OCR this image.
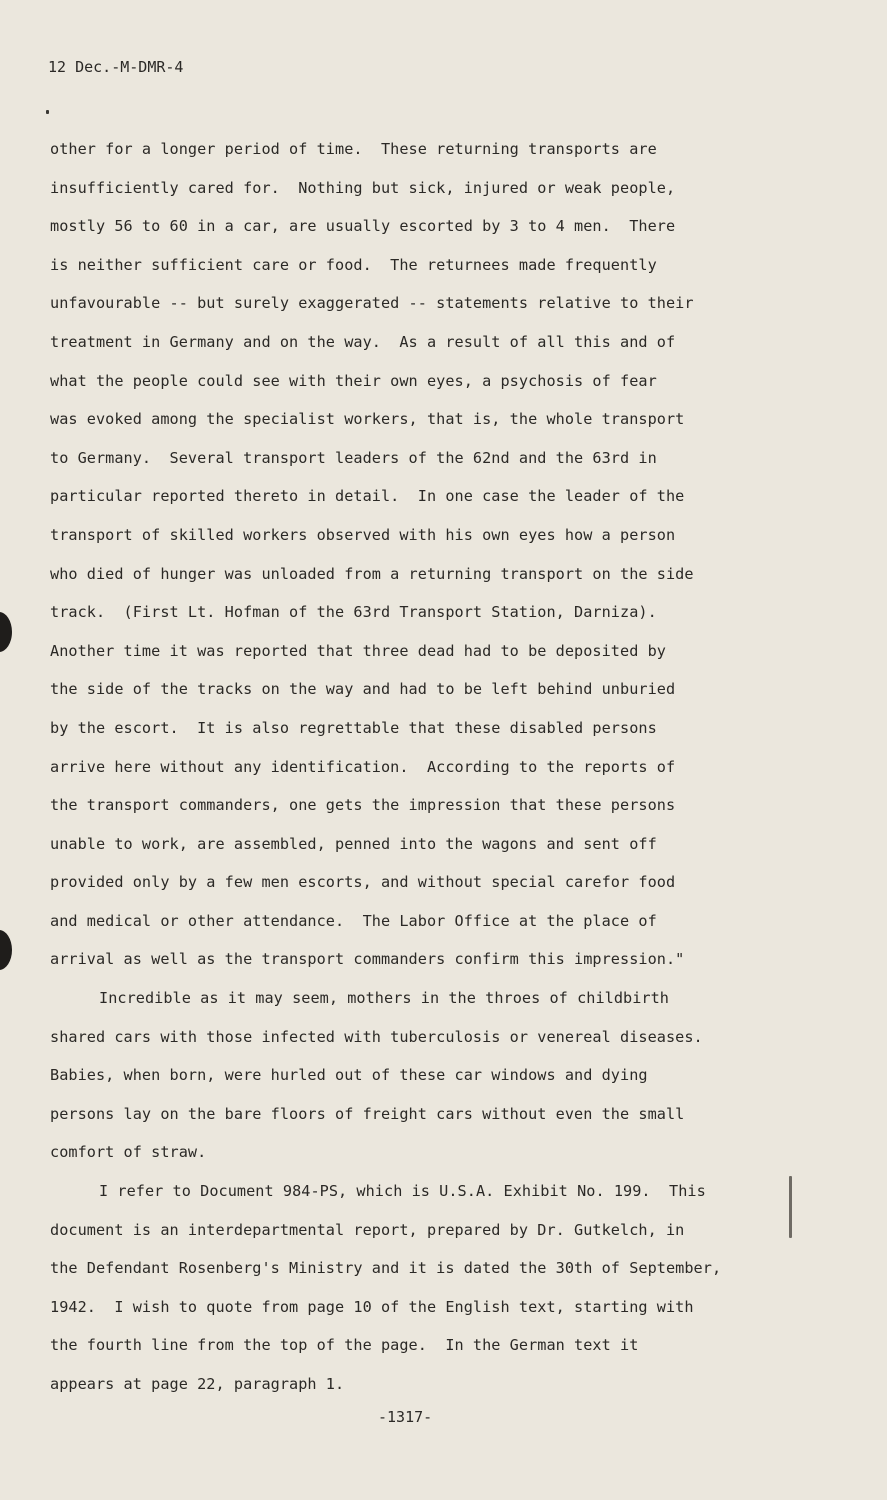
12 Dec.-M-DMR-4
other for a longer period of time.  These returning transports are
insufficiently cared for.  Nothing but sick, injured or weak people,
mostly 56 to 60 in a car, are usually escorted by 3 to 4 men.  There
is neither sufficient care or food.  The returnees made frequently
unfavourable -- but surely exaggerated -- statements relative to their
treatment in Germany and on the way.  As a result of all this and of
what the people could see with their own eyes, a psychosis of fear
was evoked among the specialist workers, that is, the whole transport
to Germany.  Several transport leaders of the 62nd and the 63rd in
particular reported thereto in detail.  In one case the leader of the
transport of skilled workers observed with his own eyes how a person
who died of hunger was unloaded from a returning transport on the side
track.  (First Lt. Hofman of the 63rd Transport Station, Darniza).
Another time it was reported that three dead had to be deposited by
the side of the tracks on the way and had to be left behind unburied
by the escort.  It is also regrettable that these disabled persons
arrive here without any identification.  According to the reports of
the transport commanders, one gets the impression that these persons
unable to work, are assembled, penned into the wagons and sent off
provided only by a few men escorts, and without special carefor food
and medical or other attendance.  The Labor Office at the place of
arrival as well as the transport commanders confirm this impression."
Incredible as it may seem, mothers in the throes of childbirth
shared cars with those infected with tuberculosis or venereal diseases.
Babies, when born, were hurled out of these car windows and dying
persons lay on the bare floors of freight cars without even the small
comfort of straw.
I refer to Document 984-PS, which is U.S.A. Exhibit No. 199.  This
document is an interdepartmental report, prepared by Dr. Gutkelch, in
the Defendant Rosenberg's Ministry and it is dated the 30th of September,
1942.  I wish to quote from page 10 of the English text, starting with
the fourth line from the top of the page.  In the German text it
appears at page 22, paragraph 1.
-1317-
